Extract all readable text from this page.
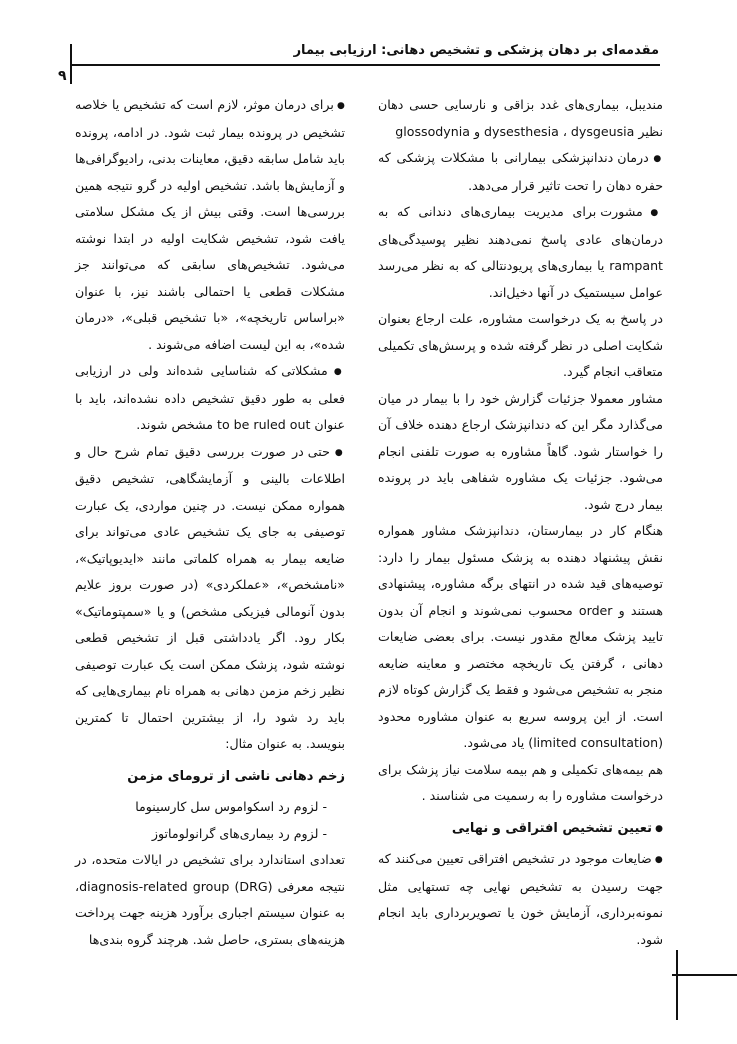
مقدمه‌ای بر دهان پزشکی و تشخیص دهانی: ارزیابی بیمار
۹

مندیبل، بیماری‌های غدد بزاقی و نارسایی حسی دهان نظیر dysesthesia ، dysgeusia و glossodynia

● درمان دندانپزشکی بیمارانی با مشکلات پزشکی که حفره دهان را تحت تاثیر قرار می‌دهد.

● مشورت برای مدیریت بیماری‌های دندانی که به درمان‌های عادی پاسخ نمی‌دهند نظیر پوسیدگی‌های rampant یا بیماری‌های پریودنتالی که به نظر می‌رسد عوامل سیستمیک در آنها دخیل‌اند.

در پاسخ به یک درخواست مشاوره، علت ارجاع بعنوان شکایت اصلی در نظر گرفته شده و پرسش‌های تکمیلی متعاقب انجام گیرد.

مشاور معمولا جزئیات گزارش خود را با بیمار در میان می‌گذارد مگر این که دندانپزشک ارجاع دهنده خلاف آن را خواستار شود. گاهاً مشاوره به صورت تلفنی انجام می‌شود. جزئیات یک مشاوره شفاهی باید در پرونده بیمار درج شود.

هنگام کار در بیمارستان، دندانپزشک مشاور همواره نقش پیشنهاد دهنده به پزشک مسئول بیمار را دارد: توصیه‌های قید شده در انتهای برگه مشاوره، پیشنهادی هستند و order محسوب نمی‌شوند و انجام آن بدون تایید پزشک معالج مقدور نیست. برای بعضی ضایعات دهانی ، گرفتن یک تاریخچه مختصر و معاینه ضایعه منجر به تشخیص می‌شود و فقط یک گزارش کوتاه لازم است. از این پروسه سریع به عنوان مشاوره محدود (limited consultation) یاد می‌شود.

هم بیمه‌های تکمیلی و هم بیمه سلامت نیاز پزشک برای درخواست مشاوره را به رسمیت می شناسند .

● تعیین تشخیص افتراقی و نهایی

● ضایعات موجود در تشخیص افتراقی تعیین می‌کنند که جهت رسیدن به تشخیص نهایی چه تستهایی مثل نمونه‌برداری، آزمایش خون یا تصویربرداری باید انجام شود.

● برای درمان موثر، لازم است که تشخیص یا خلاصه تشخیص در پرونده بیمار ثبت شود. در ادامه، پرونده باید شامل سابقه دقیق، معاینات بدنی، رادیوگرافی‌ها و آزمایش‌ها باشد. تشخیص اولیه در گرو نتیجه همین بررسی‌ها است. وقتی بیش از یک مشکل سلامتی یافت شود، تشخیص شکایت اولیه در ابتدا نوشته می‌شود. تشخیص‌های سابقی که می‌توانند جز مشکلات قطعی یا احتمالی باشند نیز، با عنوان «براساس تاریخچه»، «با تشخیص قبلی»، «درمان شده»، به این لیست اضافه می‌شوند .

● مشکلاتی که شناسایی شده‌اند ولی در ارزیابی فعلی به طور دقیق تشخیص داده نشده‌اند، باید با عنوان to be ruled out مشخص شوند.

● حتی در صورت بررسی دقیق تمام شرح حال و اطلاعات بالینی و آزمایشگاهی، تشخیص دقیق همواره ممکن نیست. در چنین مواردی، یک عبارت توصیفی به جای یک تشخیص عادی می‌تواند برای ضایعه بیمار به همراه کلماتی مانند «ایدیوپاتیک»، «نامشخص»، «عملکردی» (در صورت بروز علایم بدون آنومالی فیزیکی مشخص) و یا «سمپتوماتیک» بکار رود. اگر یادداشتی قبل از تشخیص قطعی نوشته شود، پزشک ممکن است یک عبارت توصیفی نظیر زخم مزمن دهانی به همراه نام بیماری‌هایی که باید رد شود را، از بیشترین احتمال تا کمترین بنویسد. به عنوان مثال:

زخم دهانی ناشی از ترومای مزمن

- لزوم رد اسکواموس سل کارسینوما

- لزوم رد بیماری‌های گرانولوماتوز

تعدادی استاندارد برای تشخیص در ایالات متحده، در نتیجه معرفی diagnosis-related group (DRG)، به عنوان سیستم اجباری برآورد هزینه جهت پرداخت هزینه‌های بستری، حاصل شد. هرچند گروه بندی‌ها
